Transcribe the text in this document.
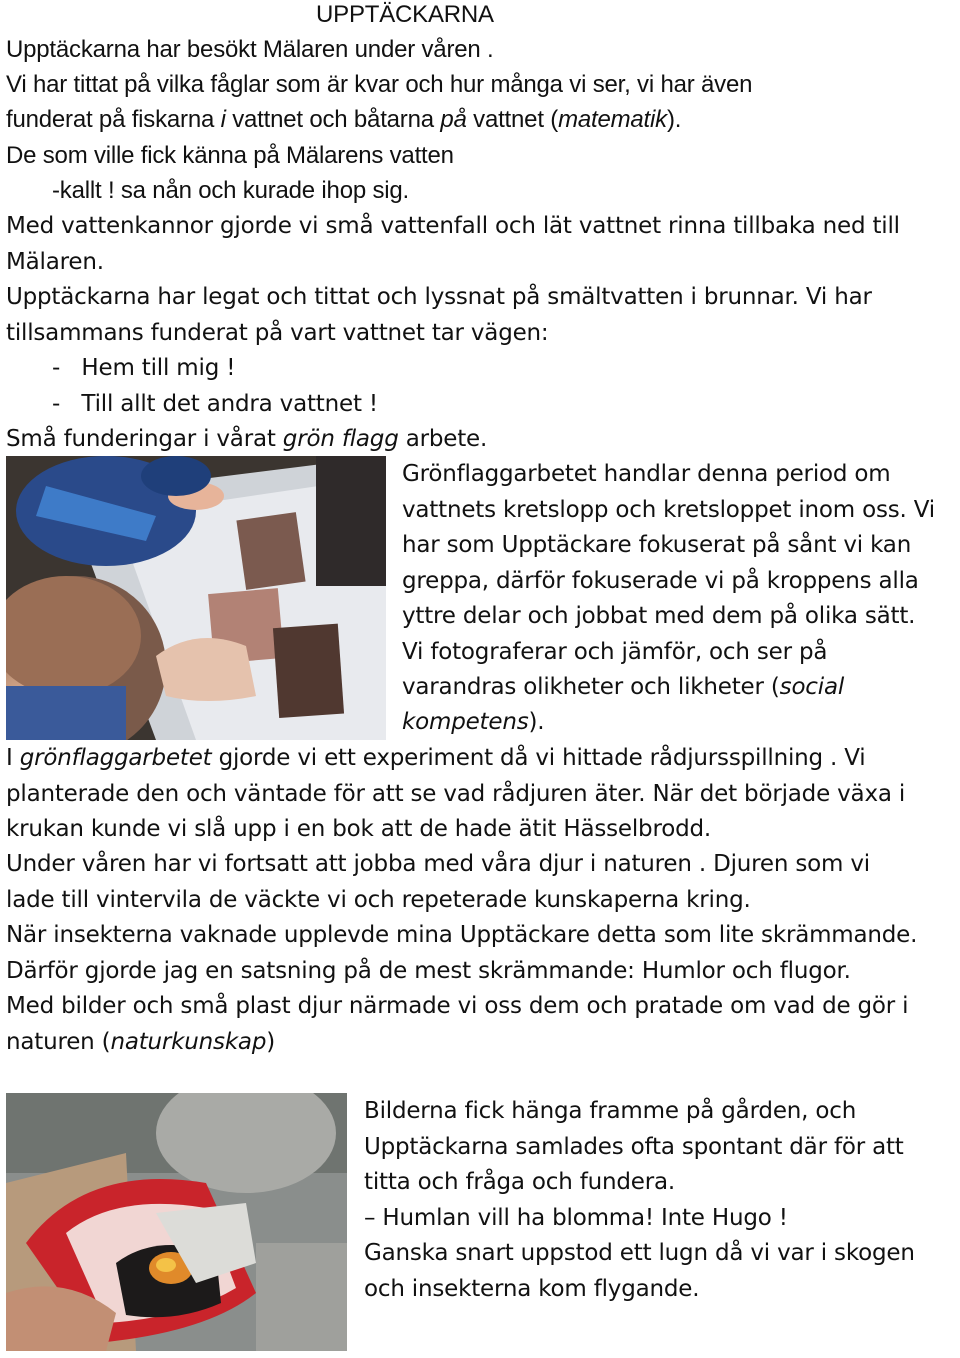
UPPTÄCKARNA
Upptäckarna har besökt Mälaren under våren .
Vi har tittat på vilka fåglar som är kvar och hur många vi ser, vi har även
funderat på fiskarna i vattnet och båtarna på vattnet (matematik).
De som ville fick känna på Mälarens vatten
-kallt ! sa nån och kurade ihop sig.
Med vattenkannor gjorde vi små vattenfall och lät vattnet rinna tillbaka ned till
Mälaren.
Upptäckarna har legat och tittat och lyssnat på smältvatten i brunnar. Vi har
tillsammans funderat på vart vattnet tar vägen:
-   Hem till mig !
-   Till allt det andra vattnet !
Små funderingar i vårat grön flagg arbete.
Grönflaggarbetet handlar denna period om
vattnets kretslopp och kretsloppet inom oss. Vi
har som Upptäckare fokuserat på sånt vi kan
greppa, därför fokuserade vi på kroppens alla
yttre delar och jobbat med dem på olika sätt.
Vi fotograferar och jämför, och ser på
varandras olikheter och likheter (social
kompetens).
I grönflaggarbetet gjorde vi ett experiment då vi hittade rådjursspillning . Vi
planterade den och väntade för att se vad rådjuren äter. När det började växa i
krukan kunde vi slå upp i en bok att de hade ätit Hässelbrodd.
Under våren har vi fortsatt att jobba med våra djur i naturen . Djuren som vi
lade till vintervila de väckte vi och repeterade kunskaperna kring.
När insekterna vaknade upplevde mina Upptäckare detta som lite skrämmande.
Därför gjorde jag en satsning på de mest skrämmande: Humlor och flugor.
Med bilder och små plast djur närmade vi oss dem och pratade om vad de gör i
naturen (naturkunskap)
Bilderna fick hänga framme på gården, och
Upptäckarna samlades ofta spontant där för att
titta och fråga och fundera.
– Humlan vill ha blomma! Inte Hugo !
Ganska snart uppstod ett lugn då vi var i skogen
och insekterna kom flygande.
